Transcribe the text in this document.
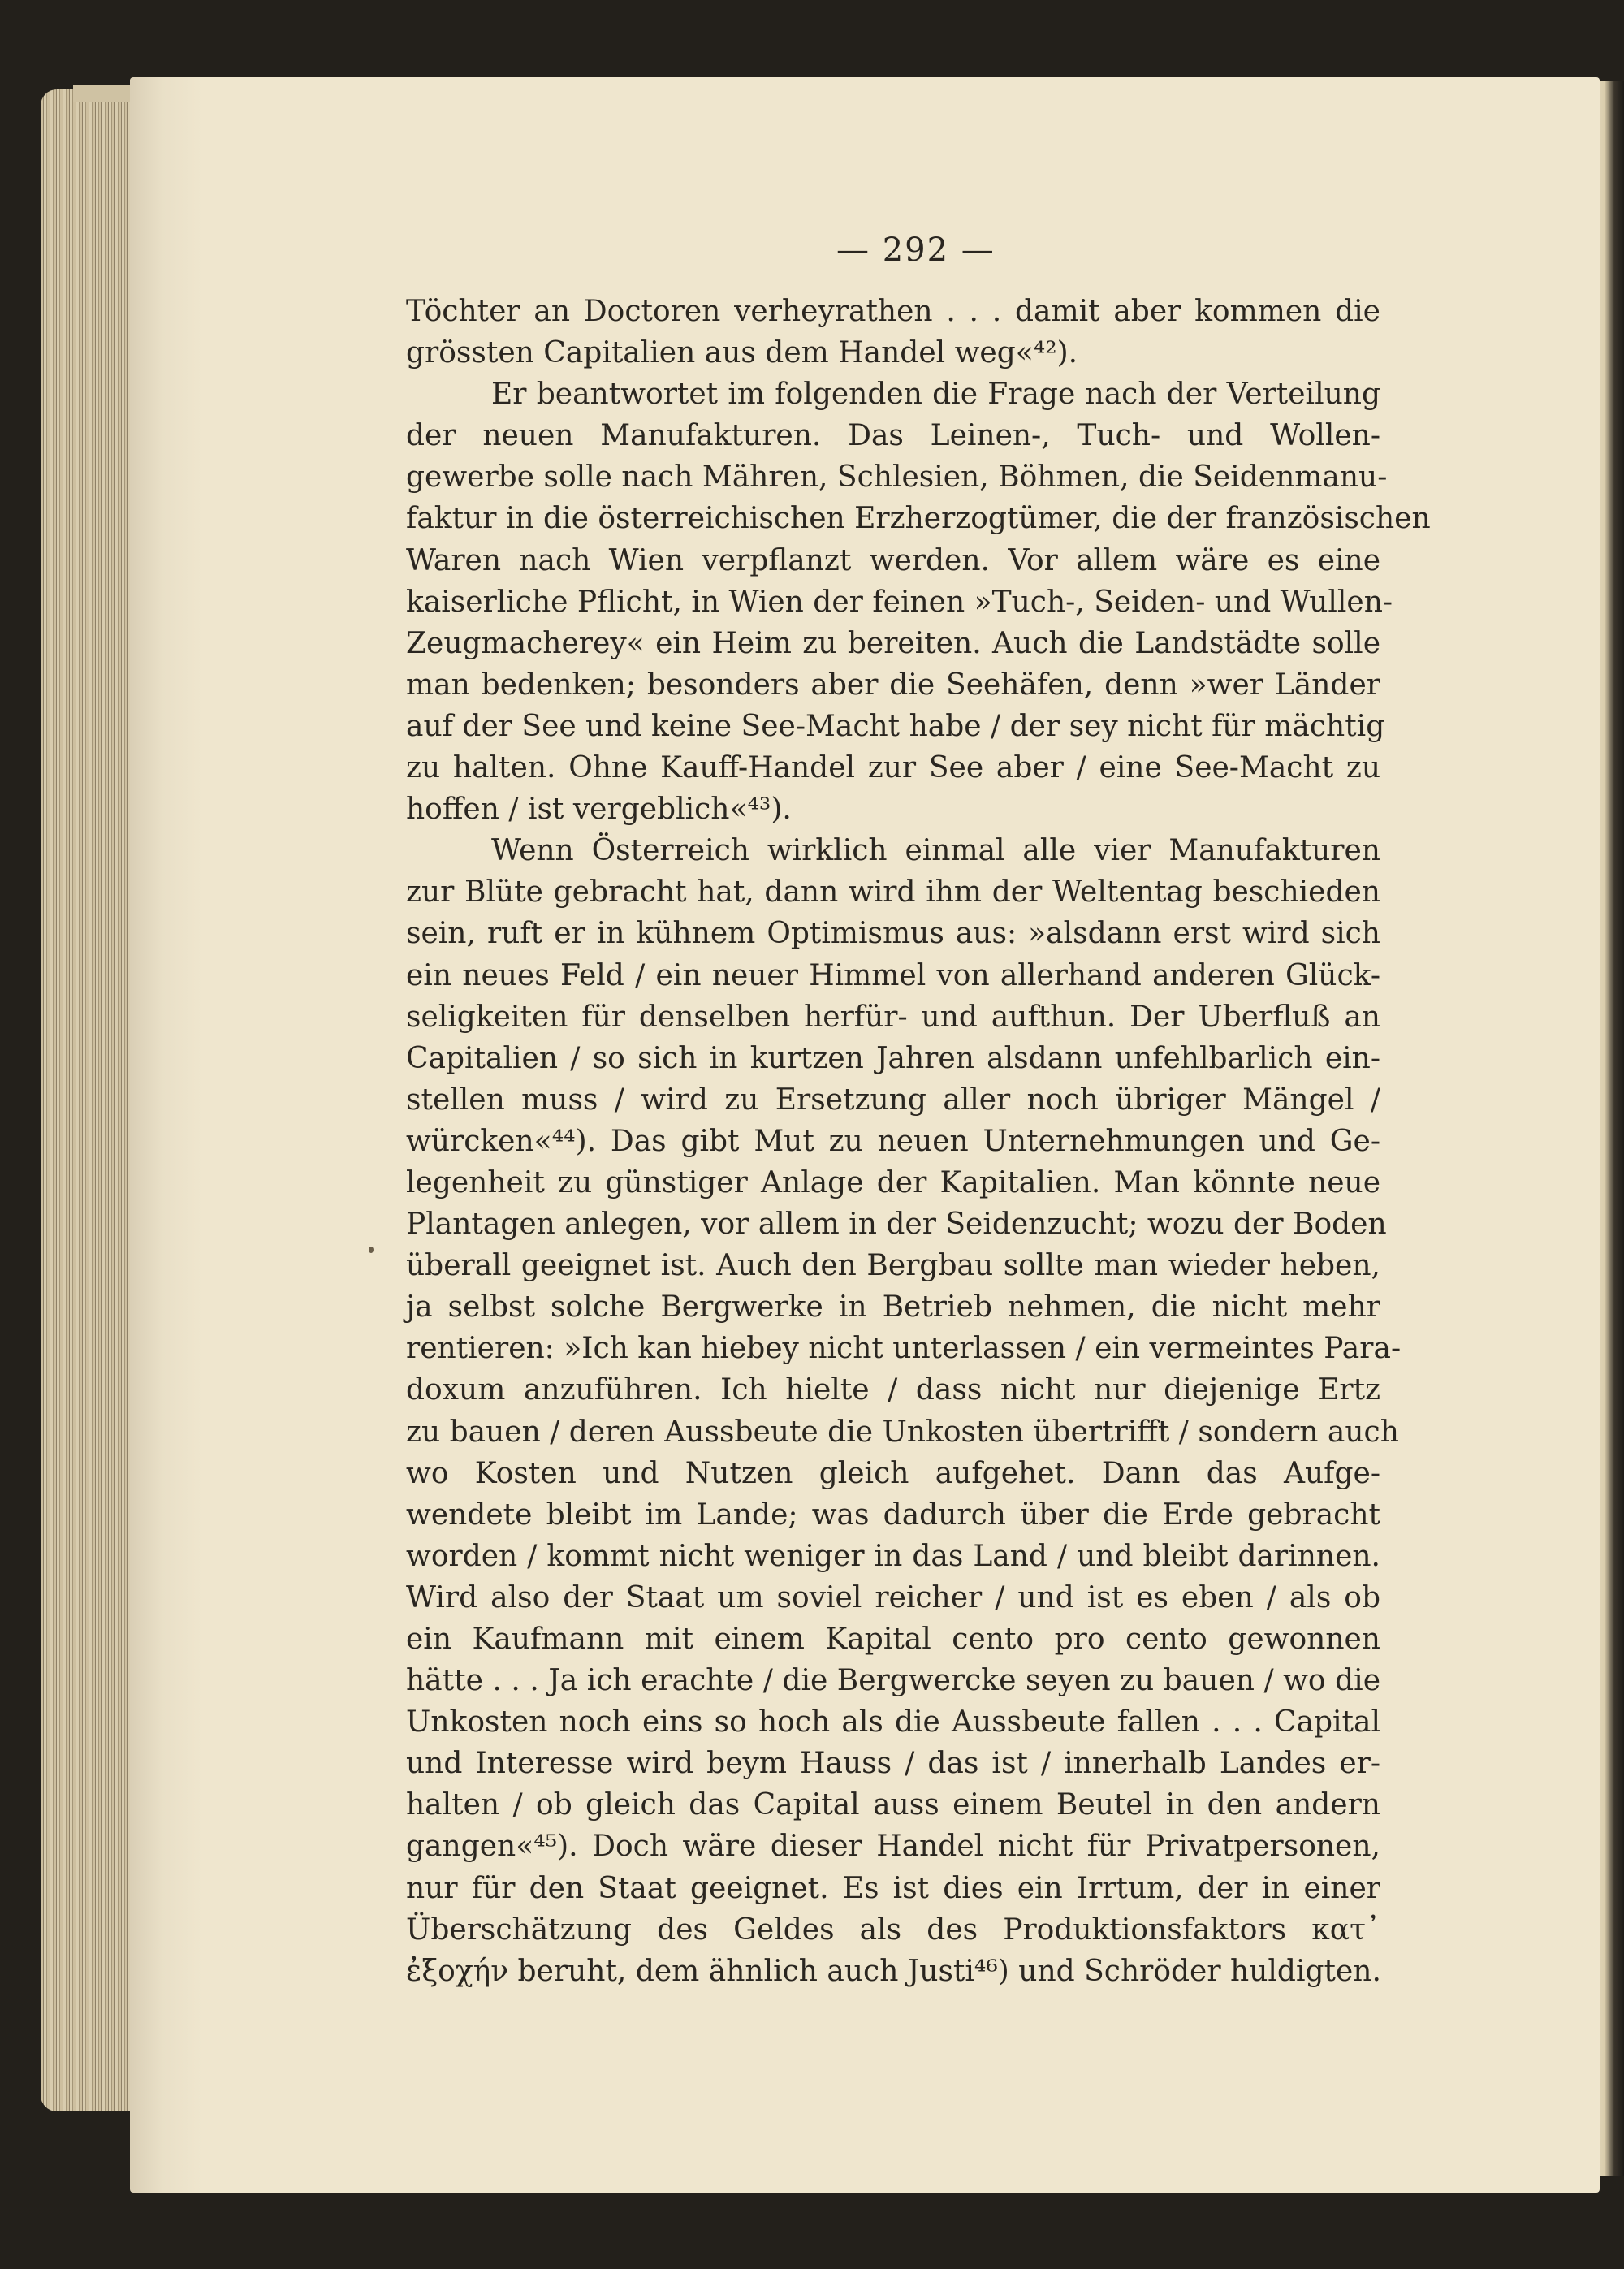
— 292 —
Töchter an Doctoren verheyrathen . . . damit aber kommen die
grössten Capitalien aus dem Handel weg«⁴²).
Er beantwortet im folgenden die Frage nach der Verteilung
der neuen Manufakturen. Das Leinen-, Tuch- und Wollen-
gewerbe solle nach Mähren, Schlesien, Böhmen, die Seidenmanu-
faktur in die österreichischen Erzherzogtümer, die der französischen
Waren nach Wien verpflanzt werden. Vor allem wäre es eine
kaiserliche Pflicht, in Wien der feinen »Tuch-, Seiden- und Wullen-
Zeugmacherey« ein Heim zu bereiten. Auch die Landstädte solle
man bedenken; besonders aber die Seehäfen, denn »wer Länder
auf der See und keine See-Macht habe / der sey nicht für mächtig
zu halten. Ohne Kauff-Handel zur See aber / eine See-Macht zu
hoffen / ist vergeblich«⁴³).
Wenn Österreich wirklich einmal alle vier Manufakturen
zur Blüte gebracht hat, dann wird ihm der Weltentag beschieden
sein, ruft er in kühnem Optimismus aus: »alsdann erst wird sich
ein neues Feld / ein neuer Himmel von allerhand anderen Glück-
seligkeiten für denselben herfür- und aufthun. Der Uberfluß an
Capitalien / so sich in kurtzen Jahren alsdann unfehlbarlich ein-
stellen muss / wird zu Ersetzung aller noch übriger Mängel /
würcken«⁴⁴). Das gibt Mut zu neuen Unternehmungen und Ge-
legenheit zu günstiger Anlage der Kapitalien. Man könnte neue
Plantagen anlegen, vor allem in der Seidenzucht; wozu der Boden
überall geeignet ist. Auch den Bergbau sollte man wieder heben,
ja selbst solche Bergwerke in Betrieb nehmen, die nicht mehr
rentieren: »Ich kan hiebey nicht unterlassen / ein vermeintes Para-
doxum anzuführen. Ich hielte / dass nicht nur diejenige Ertz
zu bauen / deren Aussbeute die Unkosten übertrifft / sondern auch
wo Kosten und Nutzen gleich aufgehet. Dann das Aufge-
wendete bleibt im Lande; was dadurch über die Erde gebracht
worden / kommt nicht weniger in das Land / und bleibt darinnen.
Wird also der Staat um soviel reicher / und ist es eben / als ob
ein Kaufmann mit einem Kapital cento pro cento gewonnen
hätte . . . Ja ich erachte / die Bergwercke seyen zu bauen / wo die
Unkosten noch eins so hoch als die Aussbeute fallen . . . Capital
und Interesse wird beym Hauss / das ist / innerhalb Landes er-
halten / ob gleich das Capital auss einem Beutel in den andern
gangen«⁴⁵). Doch wäre dieser Handel nicht für Privatpersonen,
nur für den Staat geeignet. Es ist dies ein Irrtum, der in einer
Überschätzung des Geldes als des Produktionsfaktors κατ᾽
ἐξοχήν beruht, dem ähnlich auch Justi⁴⁶) und Schröder huldigten.
